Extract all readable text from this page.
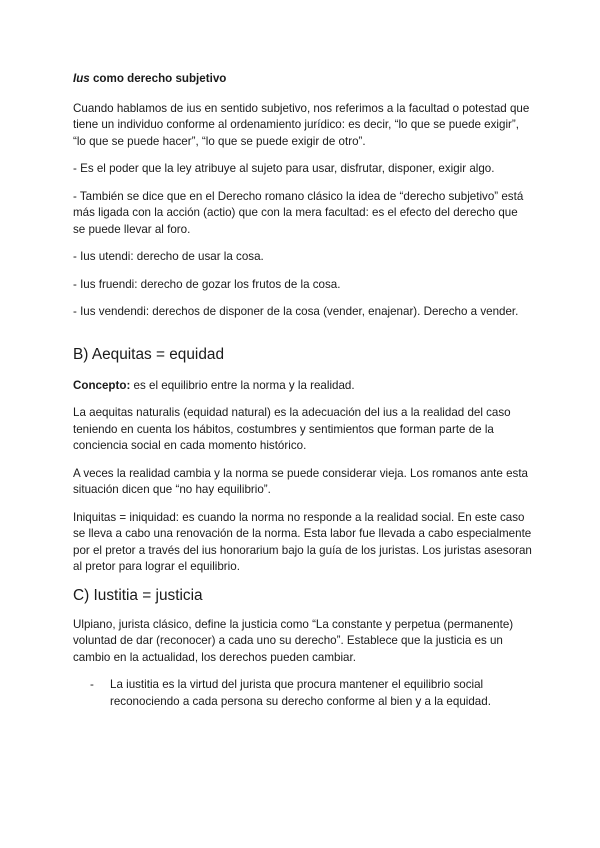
Ius como derecho subjetivo

Cuando hablamos de ius en sentido subjetivo, nos referimos a la facultad o potestad que tiene un individuo conforme al ordenamiento jurídico: es decir, “lo que se puede exigir”, “lo que se puede hacer”, “lo que se puede exigir de otro”.

- Es el poder que la ley atribuye al sujeto para usar, disfrutar, disponer, exigir algo.

- También se dice que en el Derecho romano clásico la idea de “derecho subjetivo” está más ligada con la acción (actio) que con la mera facultad: es el efecto del derecho que se puede llevar al foro.

- Ius utendi: derecho de usar la cosa.

- Ius fruendi: derecho de gozar los frutos de la cosa.

- Ius vendendi: derechos de disponer de la cosa (vender, enajenar). Derecho a vender.

B) Aequitas = equidad

Concepto: es el equilibrio entre la norma y la realidad.

La aequitas naturalis (equidad natural) es la adecuación del ius a la realidad del caso teniendo en cuenta los hábitos, costumbres y sentimientos que forman parte de la conciencia social en cada momento histórico.

A veces la realidad cambia y la norma se puede considerar vieja. Los romanos ante esta situación dicen que “no hay equilibrio”.

Iniquitas = iniquidad: es cuando la norma no responde a la realidad social. En este caso se lleva a cabo una renovación de la norma. Esta labor fue llevada a cabo especialmente por el pretor a través del ius honorarium bajo la guía de los juristas. Los juristas asesoran al pretor para lograr el equilibrio.

C) Iustitia = justicia

Ulpiano, jurista clásico, define la justicia como “La constante y perpetua (permanente) voluntad de dar (reconocer) a cada uno su derecho”. Establece que la justicia es un cambio en la actualidad, los derechos pueden cambiar.

- La iustitia es la virtud del jurista que procura mantener el equilibrio social reconociendo a cada persona su derecho conforme al bien y a la equidad.
